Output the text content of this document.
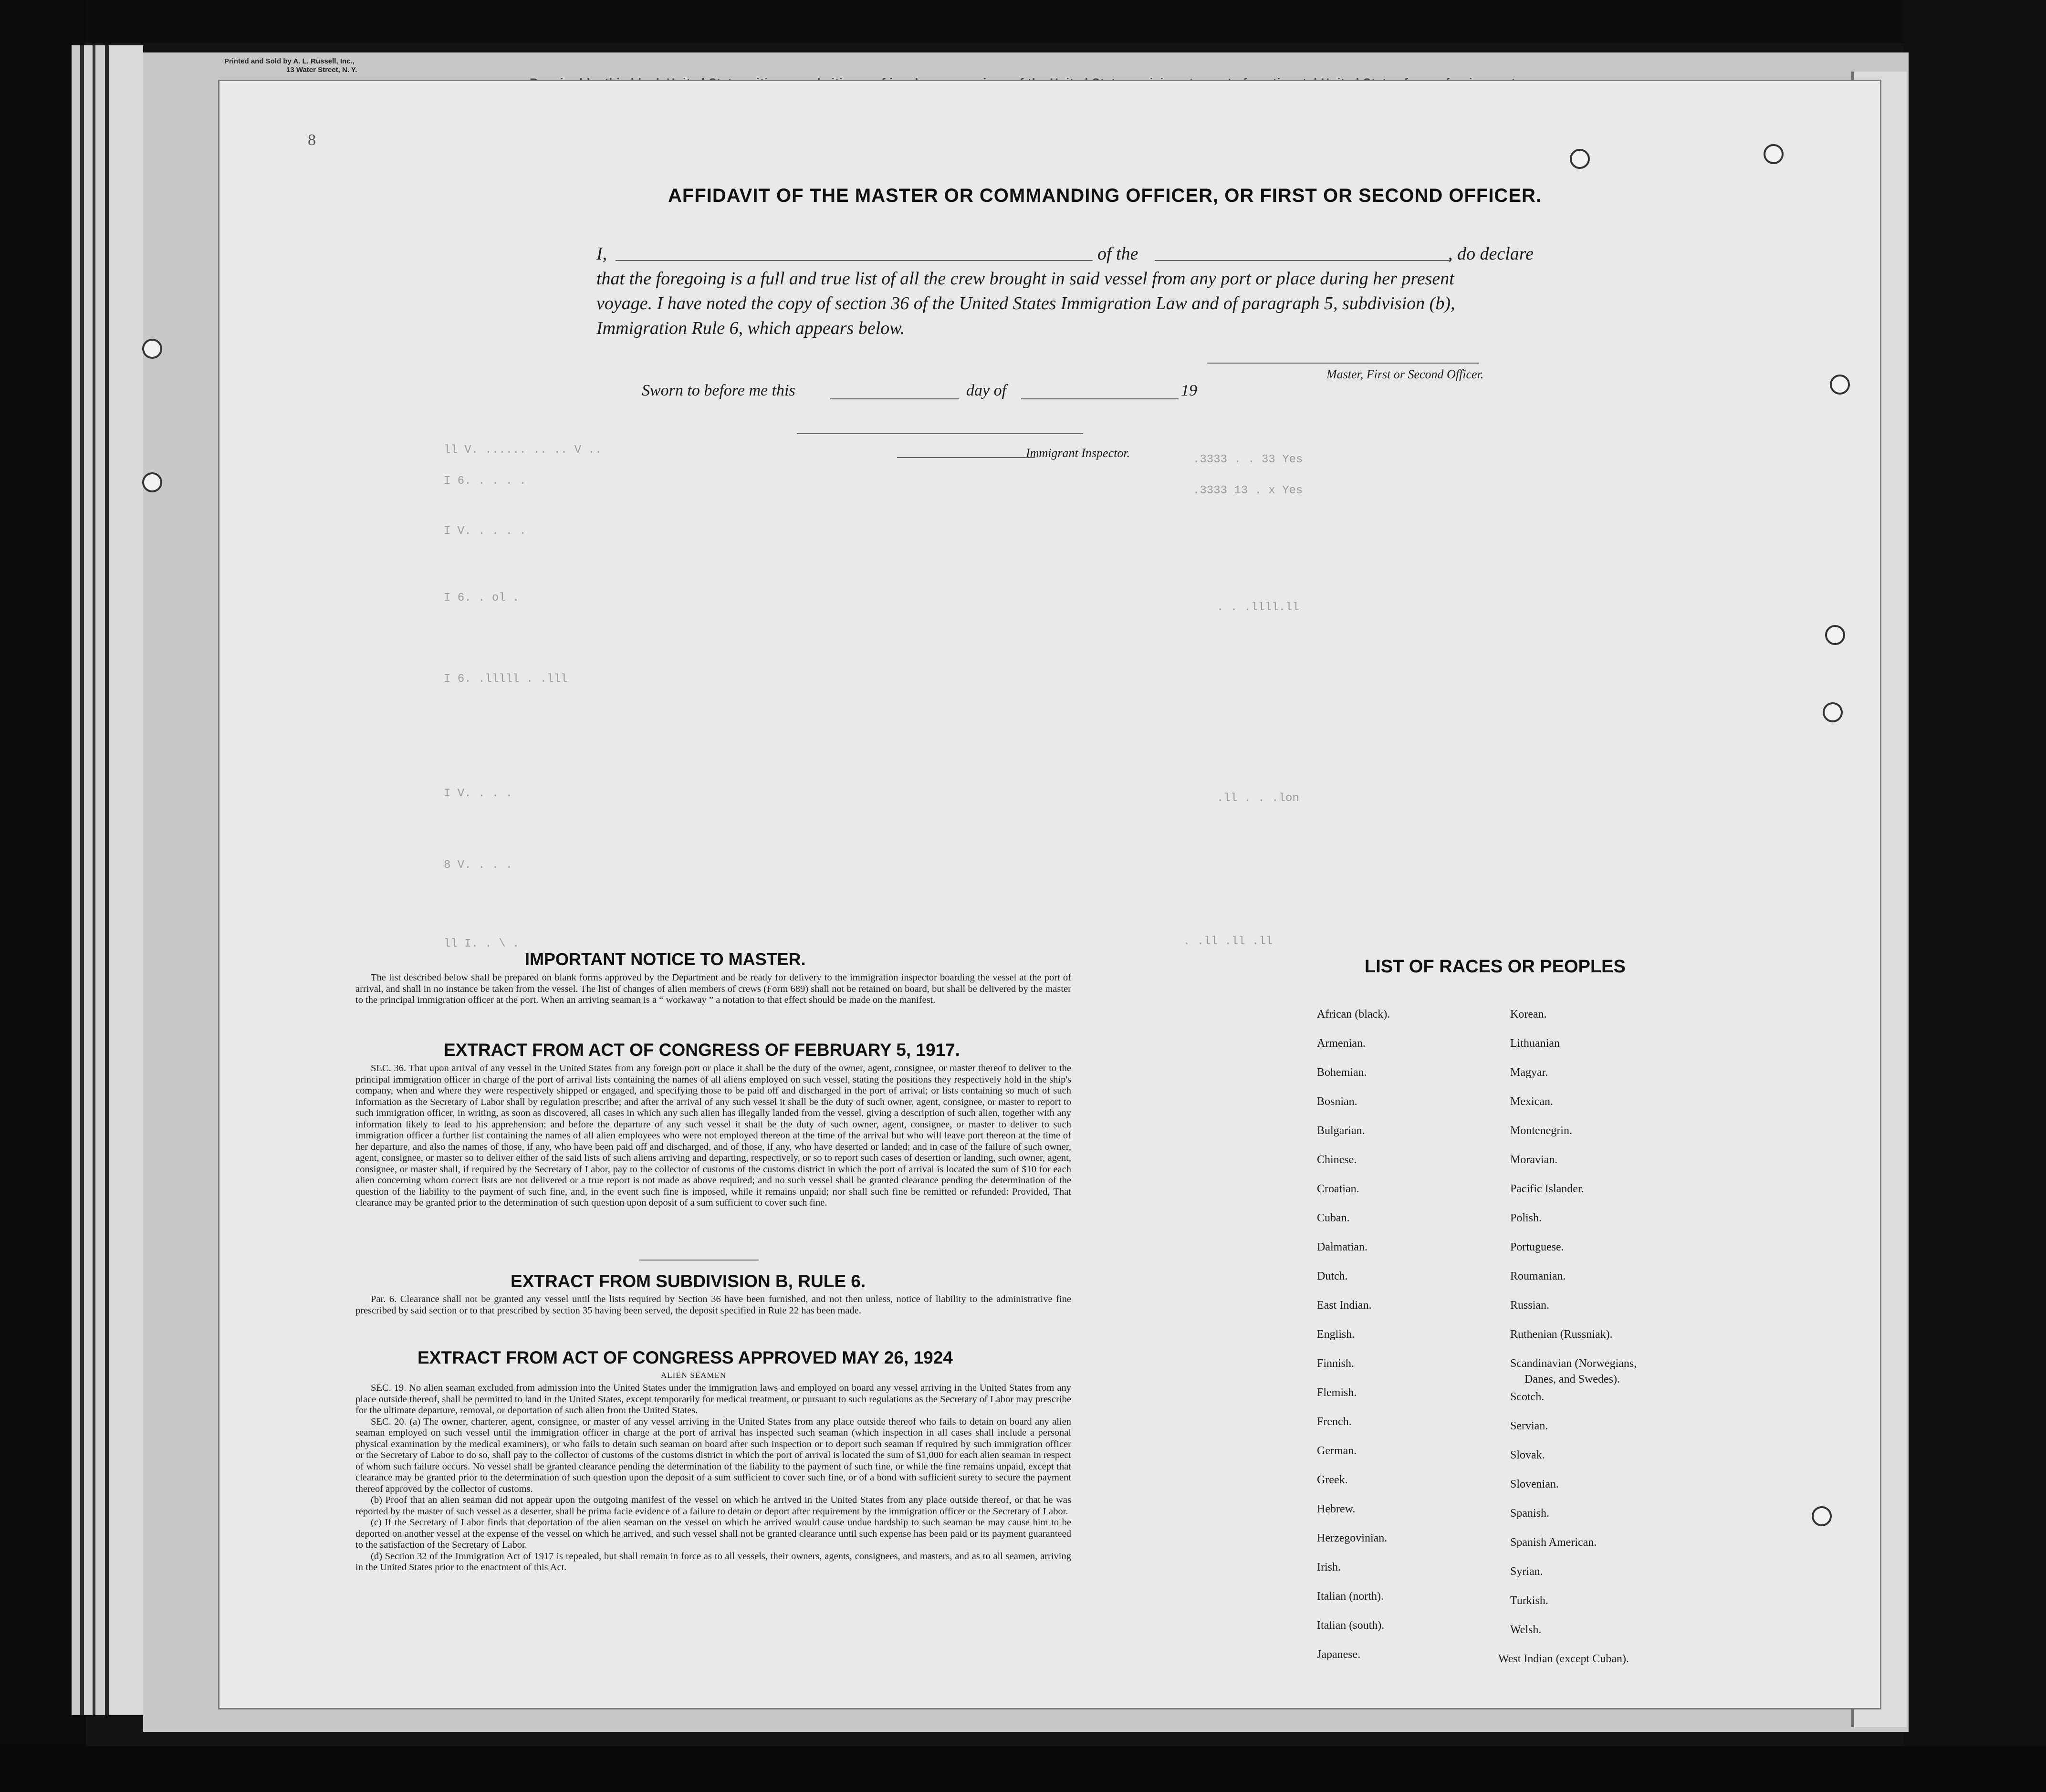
Printed and Sold by A. L. Russell, Inc.,
13 Water Street, N. Y.
8
ll V. ...... .. .. V ..
I 6. . . . .
I V. . . . .
I 6. . ol .
I 6. .lllll . .lll
I V. . . .
8 V. . . .
ll I. . \ .
.3333 . . 33 Yes
.3333 13 . x Yes
. . .llll.ll
.ll . . .lon
. .ll .ll .ll
AFFIDAVIT OF THE MASTER OR COMMANDING OFFICER, OR FIRST OR SECOND OFFICER.
I,	of the	, do declare
that the foregoing is a full and true list of all the crew brought in said vessel from any port or place during her present
voyage. I have noted the copy of section 36 of the United States Immigration Law and of paragraph 5, subdivision (b),
Immigration Rule 6, which appears below.
Master, First or Second Officer.
Sworn to before me this	day of	19
Immigrant Inspector.
IMPORTANT NOTICE TO MASTER.

The list described below shall be prepared on blank forms approved by the Department and be ready for delivery to the immigration inspector boarding the vessel at the port of arrival, and shall in no instance be taken from the vessel. The list of changes of alien members of crews (Form 689) shall not be retained on board, but shall be delivered by the master to the principal immigration officer at the port. When an arriving seaman is a “ workaway ” a notation to that effect should be made on the manifest.

EXTRACT FROM ACT OF CONGRESS OF FEBRUARY 5, 1917.

SEC. 36. That upon arrival of any vessel in the United States from any foreign port or place it shall be the duty of the owner, agent, consignee, or master thereof to deliver to the principal immigration officer in charge of the port of arrival lists containing the names of all aliens employed on such vessel, stating the positions they respectively hold in the ship's company, when and where they were respectively shipped or engaged, and specifying those to be paid off and discharged in the port of arrival; or lists containing so much of such information as the Secretary of Labor shall by regulation prescribe; and after the arrival of any such vessel it shall be the duty of such owner, agent, consignee, or master to report to such immigration officer, in writing, as soon as discovered, all cases in which any such alien has illegally landed from the vessel, giving a description of such alien, together with any information likely to lead to his apprehension; and before the departure of any such vessel it shall be the duty of such owner, agent, consignee, or master to deliver to such immigration officer a further list containing the names of all alien employees who were not employed thereon at the time of the arrival but who will leave port thereon at the time of her departure, and also the names of those, if any, who have been paid off and discharged, and of those, if any, who have deserted or landed; and in case of the failure of such owner, agent, consignee, or master so to deliver either of the said lists of such aliens arriving and departing, respectively, or so to report such cases of desertion or landing, such owner, agent, consignee, or master shall, if required by the Secretary of Labor, pay to the collector of customs of the customs district in which the port of arrival is located the sum of $10 for each alien concerning whom correct lists are not delivered or a true report is not made as above required; and no such vessel shall be granted clearance pending the determination of the question of the liability to the payment of such fine, and, in the event such fine is imposed, while it remains unpaid; nor shall such fine be remitted or refunded: Provided, That clearance may be granted prior to the determination of such question upon deposit of a sum sufficient to cover such fine.

EXTRACT FROM SUBDIVISION B, RULE 6.

Par. 6. Clearance shall not be granted any vessel until the lists required by Section 36 have been furnished, and not then unless, notice of liability to the administrative fine prescribed by said section or to that prescribed by section 35 having been served, the deposit specified in Rule 22 has been made.

EXTRACT FROM ACT OF CONGRESS APPROVED MAY 26, 1924
ALIEN SEAMEN

SEC. 19. No alien seaman excluded from admission into the United States under the immigration laws and employed on board any vessel arriving in the United States from any place outside thereof, shall be permitted to land in the United States, except temporarily for medical treatment, or pursuant to such regulations as the Secretary of Labor may prescribe for the ultimate departure, removal, or deportation of such alien from the United States.

SEC. 20. (a) The owner, charterer, agent, consignee, or master of any vessel arriving in the United States from any place outside thereof who fails to detain on board any alien seaman employed on such vessel until the immigration officer in charge at the port of arrival has inspected such seaman (which inspection in all cases shall include a personal physical examination by the medical examiners), or who fails to detain such seaman on board after such inspection or to deport such seaman if required by such immigration officer or the Secretary of Labor to do so, shall pay to the collector of customs of the customs district in which the port of arrival is located the sum of $1,000 for each alien seaman in respect of whom such failure occurs. No vessel shall be granted clearance pending the determination of the liability to the payment of such fine, or while the fine remains unpaid, except that clearance may be granted prior to the determination of such question upon the deposit of a sum sufficient to cover such fine, or of a bond with sufficient surety to secure the payment thereof approved by the collector of customs.

(b) Proof that an alien seaman did not appear upon the outgoing manifest of the vessel on which he arrived in the United States from any place outside thereof, or that he was reported by the master of such vessel as a deserter, shall be prima facie evidence of a failure to detain or deport after requirement by the immigration officer or the Secretary of Labor.

(c) If the Secretary of Labor finds that deportation of the alien seaman on the vessel on which he arrived would cause undue hardship to such seaman he may cause him to be deported on another vessel at the expense of the vessel on which he arrived, and such vessel shall not be granted clearance until such expense has been paid or its payment guaranteed to the satisfaction of the Secretary of Labor.

(d) Section 32 of the Immigration Act of 1917 is repealed, but shall remain in force as to all vessels, their owners, agents, consignees, and masters, and as to all seamen, arriving in the United States prior to the enactment of this Act.

LIST OF RACES OR PEOPLES
African (black).
Armenian.
Bohemian.
Bosnian.
Bulgarian.
Chinese.
Croatian.
Cuban.
Dalmatian.
Dutch.
East Indian.
English.
Finnish.
Flemish.
French.
German.
Greek.
Hebrew.
Herzegovinian.
Irish.
Italian (north).
Italian (south).
Japanese.
Korean.
Lithuanian
Magyar.
Mexican.
Montenegrin.
Moravian.
Pacific Islander.
Polish.
Portuguese.
Roumanian.
Russian.
Ruthenian (Russniak).
Scandinavian (Norwegians,
Danes, and Swedes).
Scotch.
Servian.
Slovak.
Slovenian.
Spanish.
Spanish American.
Syrian.
Turkish.
Welsh.
West Indian (except Cuban).
